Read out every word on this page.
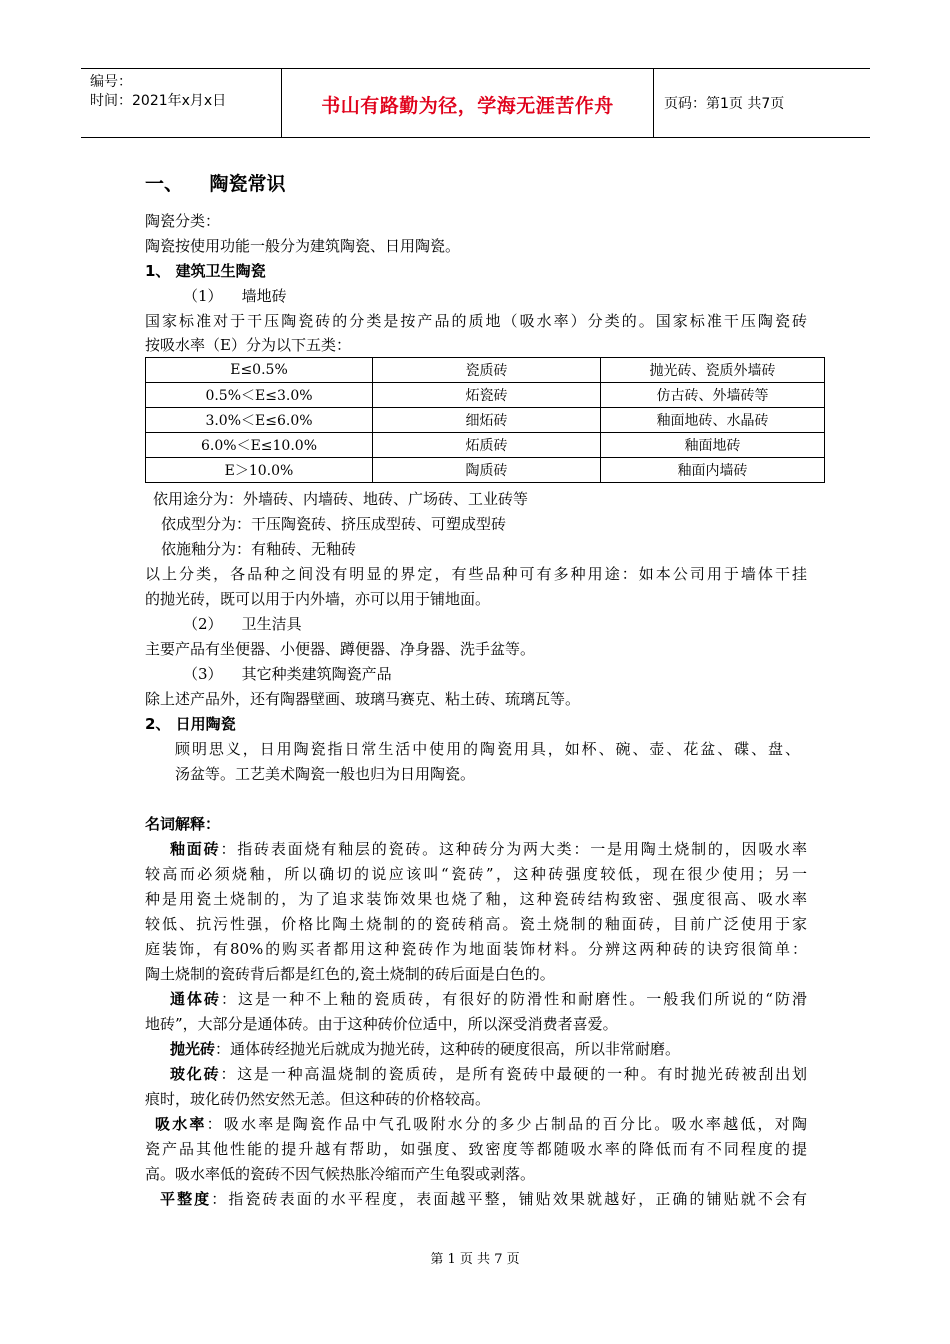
编号：
时间：2021年x月x日	书山有路勤为径，学海无涯苦作舟	页码：第1页 共7页
一、    陶瓷常识
陶瓷分类：
陶瓷按使用功能一般分为建筑陶瓷、日用陶瓷。
1、 建筑卫生陶瓷
（1）    墙地砖
国家标准对于干压陶瓷砖的分类是按产品的质地（吸水率）分类的。国家标准干压陶瓷砖
按吸水率（E）分为以下五类：
E≤0.5%	瓷质砖	抛光砖、瓷质外墙砖
0.5%＜E≤3.0%	炻瓷砖	仿古砖、外墙砖等
3.0%＜E≤6.0%	细炻砖	釉面地砖、水晶砖
6.0%＜E≤10.0%	炻质砖	釉面地砖
E＞10.0%	陶质砖	釉面内墙砖
依用途分为：外墙砖、内墙砖、地砖、广场砖、工业砖等
依成型分为：干压陶瓷砖、挤压成型砖、可塑成型砖
依施釉分为：有釉砖、无釉砖
以上分类，各品种之间没有明显的界定，有些品种可有多种用途：如本公司用于墙体干挂
的抛光砖，既可以用于内外墙，亦可以用于铺地面。
（2）    卫生洁具
主要产品有坐便器、小便器、蹲便器、净身器、洗手盆等。
（3）    其它种类建筑陶瓷产品
除上述产品外，还有陶器壁画、玻璃马赛克、粘土砖、琉璃瓦等。
2、 日用陶瓷
顾明思义，日用陶瓷指日常生活中使用的陶瓷用具，如杯、碗、壶、花盆、碟、盘、
汤盆等。工艺美术陶瓷一般也归为日用陶瓷。
名词解释：
釉面砖：指砖表面烧有釉层的瓷砖。这种砖分为两大类：一是用陶土烧制的，因吸水率
较高而必须烧釉，所以确切的说应该叫“瓷砖”，这种砖强度较低，现在很少使用；另一
种是用瓷土烧制的，为了追求装饰效果也烧了釉，这种瓷砖结构致密、强度很高、吸水率
较低、抗污性强，价格比陶土烧制的的瓷砖稍高。瓷土烧制的釉面砖，目前广泛使用于家
庭装饰，有80%的购买者都用这种瓷砖作为地面装饰材料。分辨这两种砖的诀窍很简单：
陶土烧制的瓷砖背后都是红色的,瓷土烧制的砖后面是白色的。
通体砖：这是一种不上釉的瓷质砖，有很好的防滑性和耐磨性。一般我们所说的“防滑
地砖”，大部分是通体砖。由于这种砖价位适中，所以深受消费者喜爱。
抛光砖：通体砖经抛光后就成为抛光砖，这种砖的硬度很高，所以非常耐磨。
玻化砖：这是一种高温烧制的瓷质砖，是所有瓷砖中最硬的一种。有时抛光砖被刮出划
痕时，玻化砖仍然安然无恙。但这种砖的价格较高。
吸水率：吸水率是陶瓷作品中气孔吸附水分的多少占制品的百分比。吸水率越低，对陶
瓷产品其他性能的提升越有帮助，如强度、致密度等都随吸水率的降低而有不同程度的提
高。吸水率低的瓷砖不因气候热胀冷缩而产生龟裂或剥落。
平整度：指瓷砖表面的水平程度，表面越平整，铺贴效果就越好，正确的铺贴就不会有
第 1 页 共 7 页
